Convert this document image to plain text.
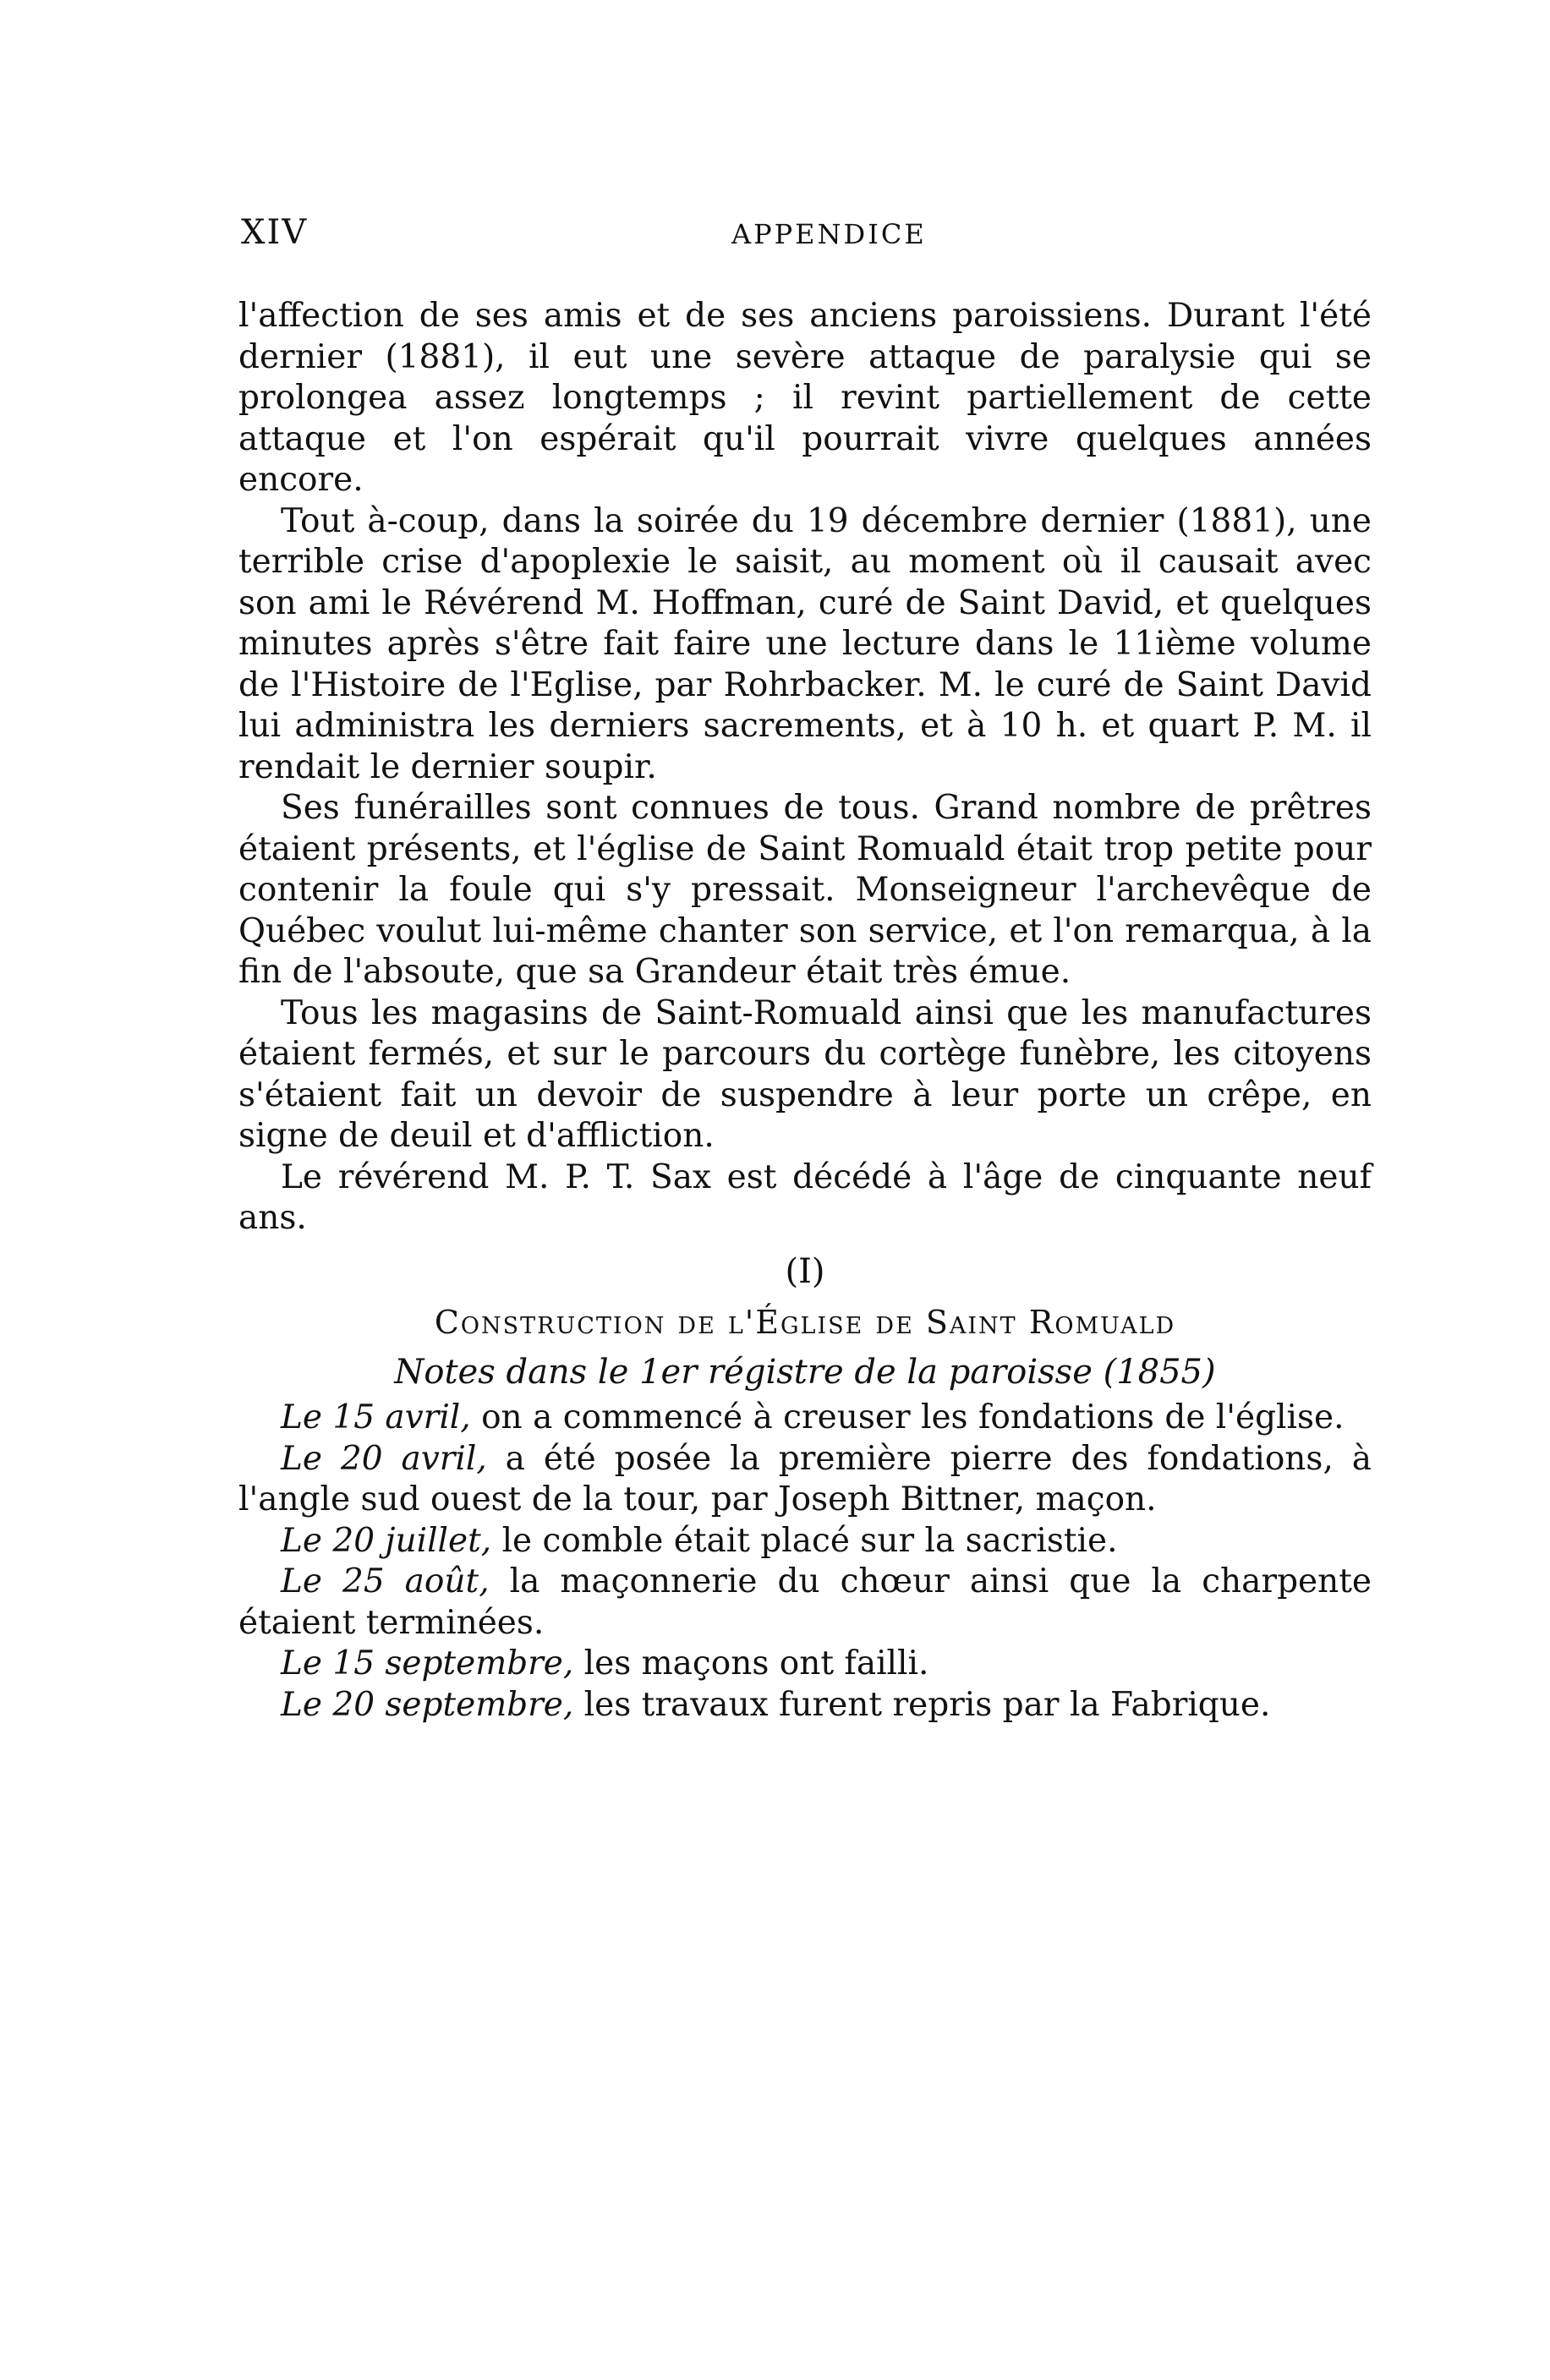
XIV	APPENDICE

l'affection de ses amis et de ses anciens paroissiens. Durant l'été dernier (1881), il eut une sevère attaque de paralysie qui se prolongea assez longtemps ; il revint partiellement de cette attaque et l'on espérait qu'il pourrait vivre quelques années encore.

Tout à-coup, dans la soirée du 19 décembre dernier (1881), une terrible crise d'apoplexie le saisit, au moment où il causait avec son ami le Révérend M. Hoffman, curé de Saint David, et quelques minutes après s'être fait faire une lecture dans le 11ième volume de l'Histoire de l'Eglise, par Rohrbacker. M. le curé de Saint David lui administra les derniers sacrements, et à 10 h. et quart P. M. il rendait le dernier soupir.

Ses funérailles sont connues de tous. Grand nombre de prêtres étaient présents, et l'église de Saint Romuald était trop petite pour contenir la foule qui s'y pressait. Monseigneur l'archevêque de Québec voulut lui-même chanter son service, et l'on remarqua, à la fin de l'absoute, que sa Grandeur était très émue.

Tous les magasins de Saint-Romuald ainsi que les manufactures étaient fermés, et sur le parcours du cortège funèbre, les citoyens s'étaient fait un devoir de suspendre à leur porte un crêpe, en signe de deuil et d'affliction.

Le révérend M. P. T. Sax est décédé à l'âge de cinquante neuf ans.

(I)
Construction de l'Église de Saint Romuald
Notes dans le 1er régistre de la paroisse (1855)

Le 15 avril, on a commencé à creuser les fondations de l'église.

Le 20 avril, a été posée la première pierre des fondations, à l'angle sud ouest de la tour, par Joseph Bittner, maçon.

Le 20 juillet, le comble était placé sur la sacristie.

Le 25 août, la maçonnerie du chœur ainsi que la charpente étaient terminées.

Le 15 septembre, les maçons ont failli.

Le 20 septembre, les travaux furent repris par la Fabrique.
